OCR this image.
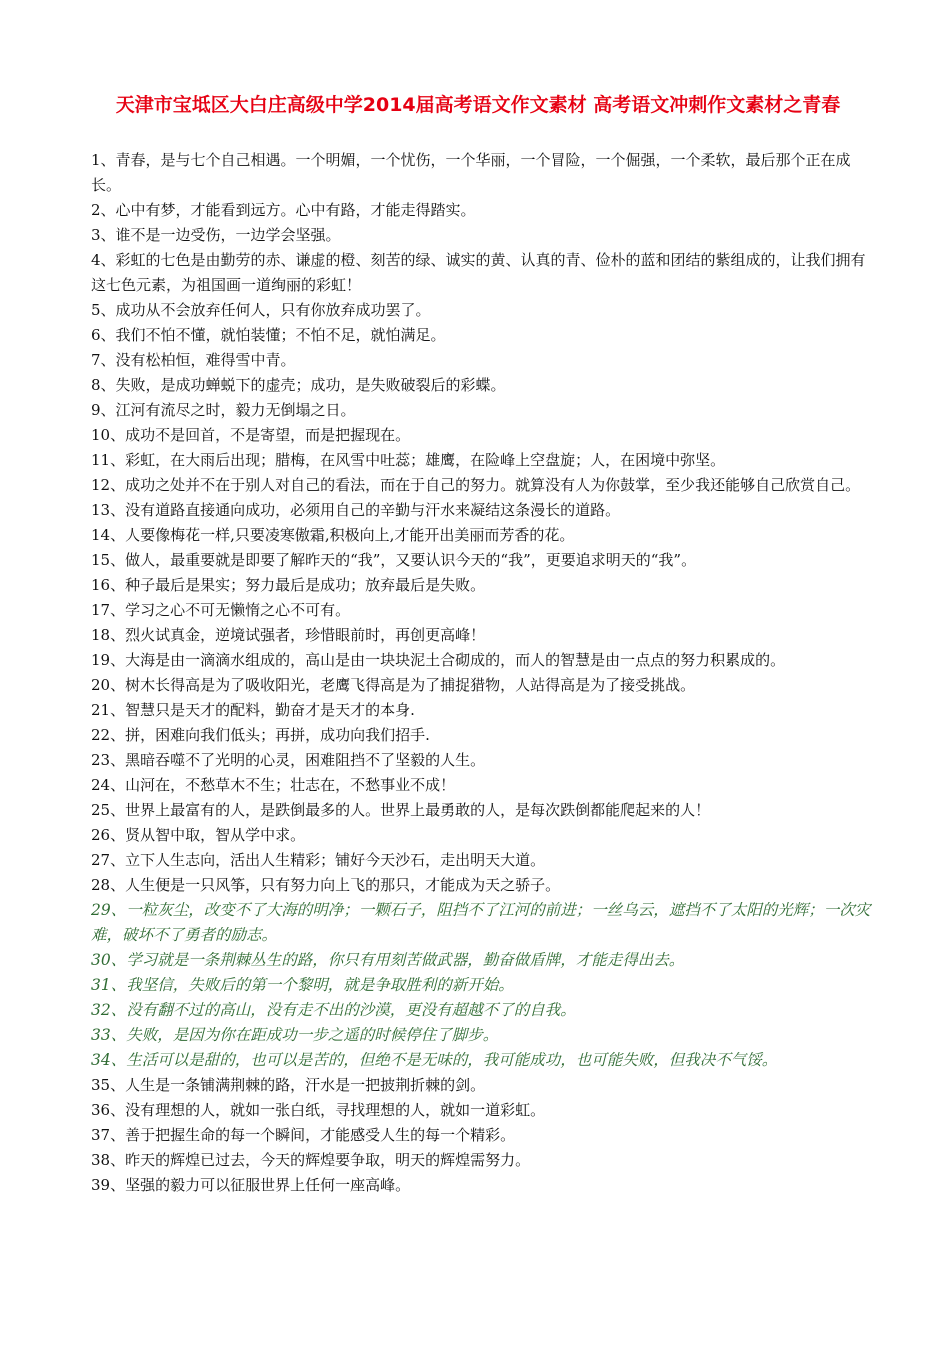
天津市宝坻区大白庄高级中学2014届高考语文作文素材 高考语文冲刺作文素材之青春
1、青春，是与七个自己相遇。一个明媚，一个忧伤，一个华丽，一个冒险，一个倔强，一个柔软，最后那个正在成长。
2、心中有梦，才能看到远方。心中有路，才能走得踏实。
3、谁不是一边受伤，一边学会坚强。
4、彩虹的七色是由勤劳的赤、谦虚的橙、刻苦的绿、诚实的黄、认真的青、俭朴的蓝和团结的紫组成的，让我们拥有这七色元素，为祖国画一道绚丽的彩虹！
5、成功从不会放弃任何人，只有你放弃成功罢了。
6、我们不怕不懂，就怕装懂；不怕不足，就怕满足。
7、没有松柏恒，难得雪中青。
8、失败，是成功蝉蜕下的虚壳；成功，是失败破裂后的彩蝶。
9、江河有流尽之时，毅力无倒塌之日。
10、成功不是回首，不是寄望，而是把握现在。
11、彩虹，在大雨后出现；腊梅，在风雪中吐蕊；雄鹰，在险峰上空盘旋；人，在困境中弥坚。
12、成功之处并不在于别人对自己的看法，而在于自己的努力。就算没有人为你鼓掌，至少我还能够自己欣赏自己。
13、没有道路直接通向成功，必须用自己的辛勤与汗水来凝结这条漫长的道路。
14、人要像梅花一样,只要凌寒傲霜,积极向上,才能开出美丽而芳香的花。
15、做人，最重要就是即要了解昨天的“我”，又要认识今天的“我”，更要追求明天的“我”。
16、种子最后是果实；努力最后是成功；放弃最后是失败。
17、学习之心不可无懒惰之心不可有。
18、烈火试真金，逆境试强者，珍惜眼前时，再创更高峰！
19、大海是由一滴滴水组成的，高山是由一块块泥土合砌成的，而人的智慧是由一点点的努力积累成的。
20、树木长得高是为了吸收阳光，老鹰飞得高是为了捕捉猎物，人站得高是为了接受挑战。
21、智慧只是天才的配料，勤奋才是天才的本身.
22、拼，困难向我们低头；再拼，成功向我们招手.
23、黑暗吞噬不了光明的心灵，困难阻挡不了坚毅的人生。
24、山河在，不愁草木不生；壮志在，不愁事业不成！
25、世界上最富有的人，是跌倒最多的人。世界上最勇敢的人，是每次跌倒都能爬起来的人！
26、贤从智中取，智从学中求。
27、立下人生志向，活出人生精彩；铺好今天沙石，走出明天大道。
28、人生便是一只风筝，只有努力向上飞的那只，才能成为天之骄子。
29、一粒灰尘，改变不了大海的明净；一颗石子，阻挡不了江河的前进；一丝乌云，遮挡不了太阳的光辉；一次灾难，破坏不了勇者的励志。
30、学习就是一条荆棘丛生的路，你只有用刻苦做武器，勤奋做盾牌，才能走得出去。
31、我坚信，失败后的第一个黎明，就是争取胜利的新开始。
32、没有翻不过的高山，没有走不出的沙漠，更没有超越不了的自我。
33、失败，是因为你在距成功一步之遥的时候停住了脚步。
34、生活可以是甜的，也可以是苦的，但绝不是无味的，我可能成功，也可能失败，但我决不气馁。
35、人生是一条铺满荆棘的路，汗水是一把披荆折棘的剑。
36、没有理想的人，就如一张白纸，寻找理想的人，就如一道彩虹。
37、善于把握生命的每一个瞬间，才能感受人生的每一个精彩。
38、昨天的辉煌已过去，今天的辉煌要争取，明天的辉煌需努力。
39、坚强的毅力可以征服世界上任何一座高峰。
